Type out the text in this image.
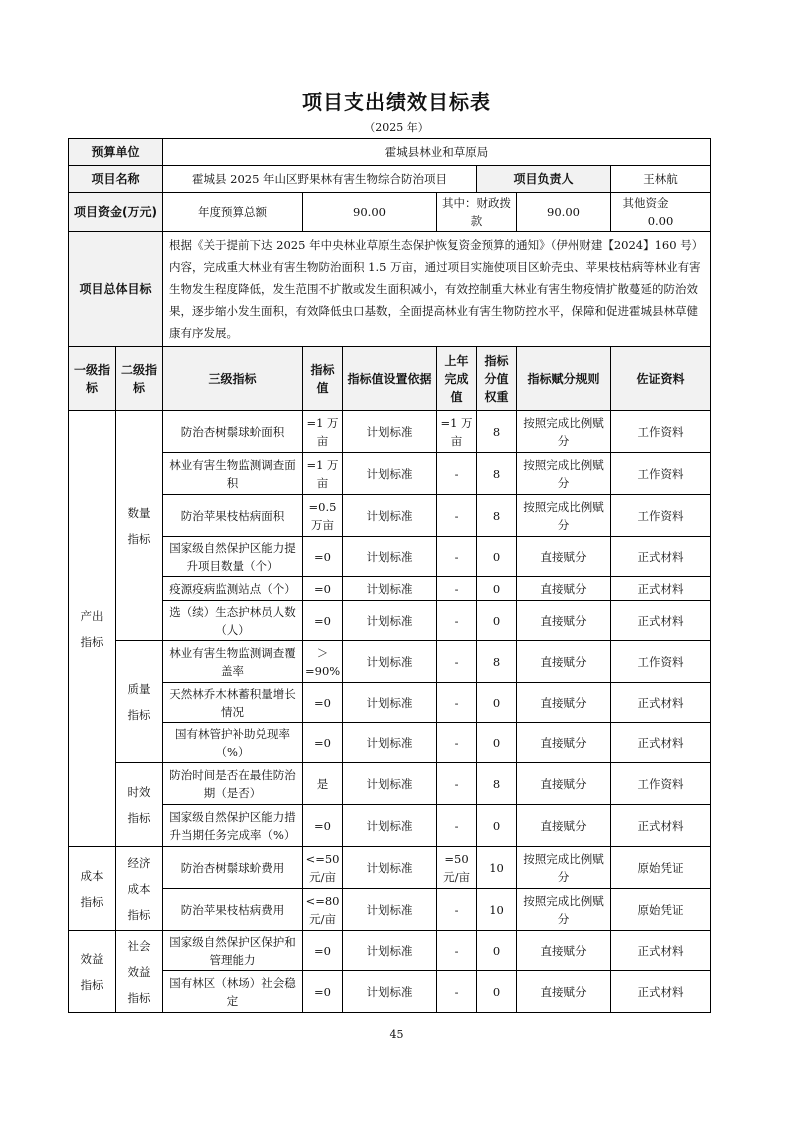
项目支出绩效目标表
（2025 年）
预算单位		霍城县林业和草原局						
项目名称		霍城县 2025 年山区野果林有害生物综合防治项目				项目负责人		王林航
项目资金(万元)		年度预算总额	90.00		其中：财政拨款		90.00	其他资金0.00
项目总体目标		根据《关于提前下达 2025 年中央林业草原生态保护恢复资金预算的通知》（伊州财建【2024】160 号）内容，完成重大林业有害生物防治面积 1.5 万亩，通过项目实施使项目区蚧壳虫、苹果枝枯病等林业有害生物发生程度降低，发生范围不扩散或发生面积减小，有效控制重大林业有害生物疫情扩散蔓延的防治效果，逐步缩小发生面积，有效降低虫口基数，全面提高林业有害生物防控水平，保障和促进霍城县林草健康有序发展。						
一级指标	二级指标	三级指标	指标值	指标值设置依据	上年完成值	指标分值权重	指标赋分规则	佐证资料
产出指标	数量指标	防治杏树鬃球蚧面积	=1 万亩	计划标准	=1 万亩	8	按照完成比例赋分	工作资料
		林业有害生物监测调查面积	=1 万亩	计划标准	-	8	按照完成比例赋分	工作资料
		防治苹果枝枯病面积	=0.5 万亩	计划标准	-	8	按照完成比例赋分	工作资料
		国家级自然保护区能力提升项目数量（个）	=0	计划标准	-	0	直接赋分	正式材料
		疫源疫病监测站点（个）	=0	计划标准	-	0	直接赋分	正式材料
		选（续）生态护林员人数（人）	=0	计划标准	-	0	直接赋分	正式材料
	质量指标	林业有害生物监测调查覆盖率	＞=90%	计划标准	-	8	直接赋分	工作资料
		天然林乔木林蓄积量增长情况	=0	计划标准	-	0	直接赋分	正式材料
		国有林管护补助兑现率（%）	=0	计划标准	-	0	直接赋分	正式材料
	时效指标	防治时间是否在最佳防治期（是否）	是	计划标准	-	8	直接赋分	工作资料
		国家级自然保护区能力措升当期任务完成率（%）	=0	计划标准	-	0	直接赋分	正式材料
成本指标	经济成本指标	防治杏树鬃球蚧费用	<=50 元/亩	计划标准	=50 元/亩	10	按照完成比例赋分	原始凭证
		防治苹果枝枯病费用	<=80 元/亩	计划标准	-	10	按照完成比例赋分	原始凭证
效益指标	社会效益指标	国家级自然保护区保护和管理能力	=0	计划标准	-	0	直接赋分	正式材料
		国有林区（林场）社会稳定	=0	计划标准	-	0	直接赋分	正式材料
45
